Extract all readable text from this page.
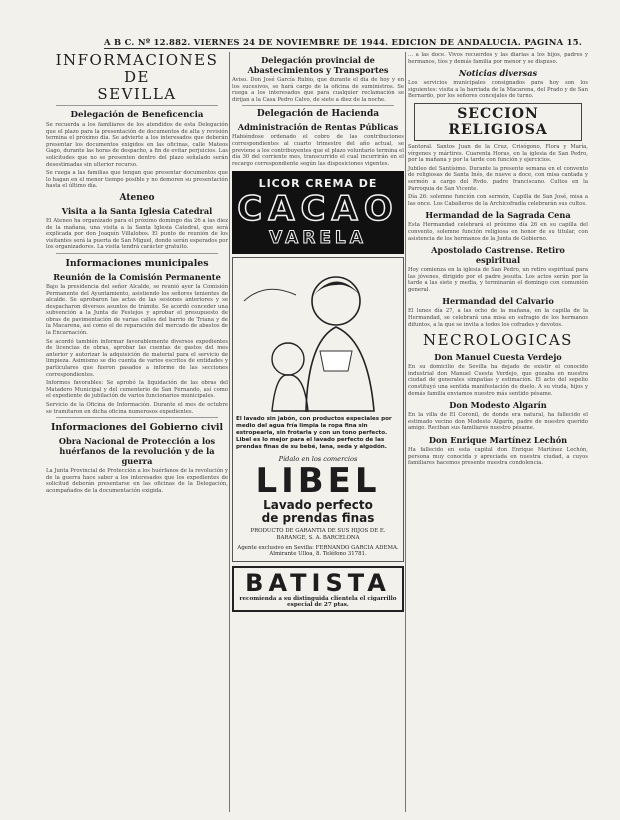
A B C. Nº 12.882. VIERNES 24 DE NOVIEMBRE DE 1944. EDICION DE ANDALUCIA. PAGINA 15.
INFORMACIONES DE
SEVILLA
Delegación de Beneficencia

Se recuerda a los familiares de los atendidos de esta Delegación que el plazo para la presentación de documentos de alta y revisión termina el próximo día. Se advierte a los interesados que deberán presentar los documentos exigidos en las oficinas, calle Mateos Gago, durante las horas de despacho, a fin de evitar perjuicios. Las solicitudes que no se presenten dentro del plazo señalado serán desestimadas sin ulterior recurso.

Se ruega a las familias que tengan que presentar documentos que lo hagan en el menor tiempo posible y no demoren su presentación hasta el último día.

Ateneo
Visita a la Santa Iglesia Catedral

El Ateneo ha organizado para el próximo domingo día 26 a las diez de la mañana, una visita a la Santa Iglesia Catedral, que será explicada por don Joaquín Villalobos. El punto de reunión de los visitantes será la puerta de San Miguel, donde serán esperados por los organizadores. La visita tendrá carácter gratuito.

Informaciones municipales
Reunión de la Comisión Permanente

Bajo la presidencia del señor Alcalde, se reunió ayer la Comisión Permanente del Ayuntamiento, asistiendo los señores tenientes de alcalde. Se aprobaron las actas de las sesiones anteriores y se despacharon diversos asuntos de trámite. Se acordó conceder una subvención a la Junta de Festejos y aprobar el presupuesto de obras de pavimentación de varias calles del barrio de Triana y de la Macarena, así como el de reparación del mercado de abastos de la Encarnación.

Se acordó también informar favorablemente diversos expedientes de licencias de obras, aprobar las cuentas de gastos del mes anterior y autorizar la adquisición de material para el servicio de limpieza. Asimismo se dio cuenta de varios escritos de entidades y particulares que fueron pasados a informe de las secciones correspondientes.

Informes favorables: Se aprobó la liquidación de las obras del Matadero Municipal y del cementerio de San Fernando, así como el expediente de jubilación de varios funcionarios municipales.

Servicio de la Oficina de Información. Durante el mes de octubre se tramitaron en dicha oficina numerosos expedientes.

Informaciones del Gobierno civil
Obra Nacional de Protección a los huérfanos de la revolución y de la guerra

La Junta Provincial de Protección a los huérfanos de la revolución y de la guerra hace saber a los interesados que los expedientes de solicitud deberán presentarse en las oficinas de la Delegación, acompañados de la documentación exigida.

Delegación provincial de Abastecimientos y Transportes

Aviso. Don José García Rubio, que durante el día de hoy y en los sucesivos, se hará cargo de la oficina de suministros. Se ruega a los interesados que para cualquier reclamación se dirijan a la Casa Pedro Calvo, de siete a diez de la noche.

Delegación de Hacienda
Administración de Rentas Públicas

Habiéndose ordenado el cobro de las contribuciones correspondientes al cuarto trimestre del año actual, se previene a los contribuyentes que el plazo voluntario termina el día 30 del corriente mes, transcurrido el cual incurrirán en el recargo correspondiente según las disposiciones vigentes.

LICOR CREMA DE
CACAO
VARELA
El lavado sin jabón, con productos especiales por medio del agua fría limpia la ropa fina sin estropearla, sin frotarla y con un tono perfecto. Libel es lo mejor para el lavado perfecto de las prendas finas de su bebé, lana, seda y algodón.
Pídalo en los comercios
LIBEL
Lavado perfecto
de prendas finas
PRODUCTO DE GARANTIA DE SUS HIJOS DE E. BARANGE, S. A. BARCELONA
Agente exclusivo en Sevilla: FERNANDO GARCIA ADEMA. Almirante Ulloa, 8. Teléfono 31781.
BATISTA
recomienda a su distinguida clientela el cigarrillo especial de 27 ptas.

... a las doce. Vivos recuerdos y las diarias a los hijos, padres y hermanos, tíos y demás familia por menor y se dispuso.

Noticias diversas

Los servicios municipales consignados para hoy son los siguientes: visita a la barriada de la Macarena, del Prado y de San Bernardo, por los señores concejales de turno.

SECCION RELIGIOSA

Santoral. Santos Juan de la Cruz, Crisógono, Flora y María, vírgenes y mártires. Cuarenta Horas, en la iglesia de San Pedro, por la mañana y por la tarde con función y ejercicios.

Jubileo del Santísimo. Durante la presente semana en el convento de religiosas de Santa Inés, de nueve a doce, con misa cantada y sermón a cargo del Rvdo. padre franciscano. Cultos en la Parroquia de San Vicente.

Día 26: solemne función con sermón, Capilla de San José, misa a las once. Los Caballeros de la Archicofradía celebrarán sus cultos.

Hermandad de la Sagrada Cena

Esta Hermandad celebrará el próximo día 26 en su capilla del convento, solemne función religiosa en honor de su titular, con asistencia de los hermanos de la Junta de Gobierno.

Apostolado Castrense. Retiro espiritual

Hoy comienza en la iglesia de San Pedro, un retiro espiritual para las jóvenes, dirigido por el padre jesuita. Los actos serán por la tarde a las siete y media, y terminarán el domingo con comunión general.

Hermandad del Calvario

El lunes día 27, a las ocho de la mañana, en la capilla de la Hermandad, se celebrará una misa en sufragio de los hermanos difuntos, a la que se invita a todos los cofrades y devotos.

NECROLOGICAS
Don Manuel Cuesta Verdejo

En su domicilio de Sevilla ha dejado de existir el conocido industrial don Manuel Cuesta Verdejo, que gozaba en nuestra ciudad de generales simpatías y estimación. El acto del sepelio constituyó una sentida manifestación de duelo. A su viuda, hijos y demás familia enviamos nuestro más sentido pésame.

Don Modesto Algarín

En la villa de El Coronil, de donde era natural, ha fallecido el estimado vecino don Modesto Algarín, padre de nuestro querido amigo. Reciban sus familiares nuestro pésame.

Don Enrique Martínez Lechón

Ha fallecido en esta capital don Enrique Martínez Lechón, persona muy conocida y apreciada en nuestra ciudad, a cuyos familiares hacemos presente nuestra condolencia.
